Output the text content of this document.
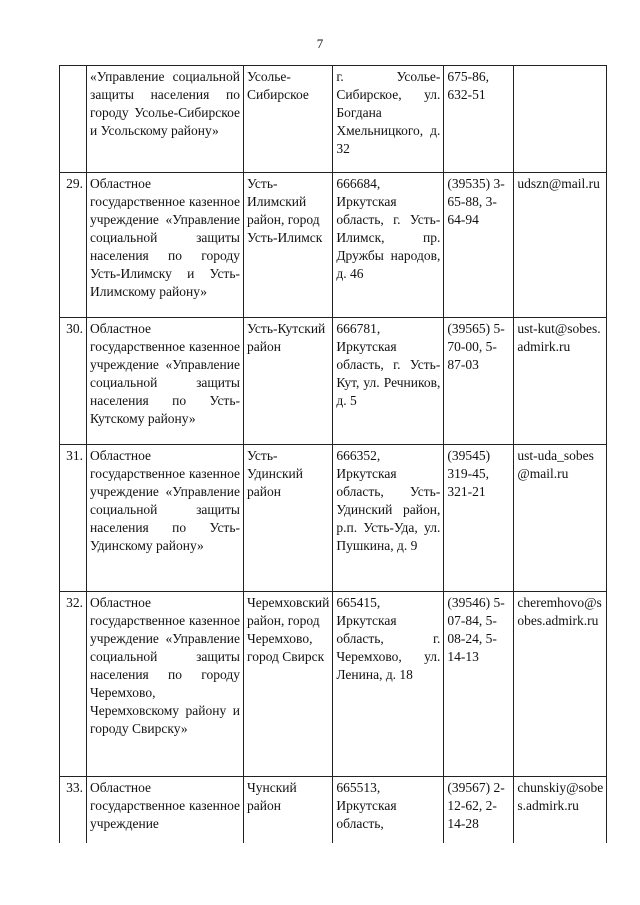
7
	«Управление социальной защиты населения по городу Усолье-Сибирское и Усольскому району»	Усолье-Сибирское	г. Усолье-Сибирское, ул. Богдана Хмельницкого, д. 32	675-86, 632-51	
29.	Областное государственное казенное учреждение «Управление социальной защиты населения по городу Усть-Илимску и Усть-Илимскому району»	Усть-Илимский район, город Усть-Илимск	666684, Иркутская область, г. Усть-Илимск, пр. Дружбы народов, д. 46	(39535) 3-65-88, 3-64-94	udszn@mail.ru
30.	Областное государственное казенное учреждение «Управление социальной защиты населения по Усть-Кутскому району»	Усть-Кутский район	666781, Иркутская область, г. Усть-Кут, ул. Речников, д. 5	(39565) 5-70-00, 5-87-03	ust-kut@sobes.admirk.ru
31.	Областное государственное казенное учреждение «Управление социальной защиты населения по Усть-Удинскому району»	Усть-Удинский район	666352, Иркутская область, Усть-Удинский район, р.п. Усть-Уда, ул. Пушкина, д. 9	(39545) 319-45, 321-21	ust-uda_sobes@mail.ru
32.	Областное государственное казенное учреждение «Управление социальной защиты населения по городу Черемхово, Черемховскому району и городу Свирску»	Черемховский район, город Черемхово, город Свирск	665415, Иркутская область, г. Черемхово, ул. Ленина, д. 18	(39546) 5-07-84, 5-08-24, 5-14-13	cheremhovo@sobes.admirk.ru
33.	Областное государственное казенное учреждение	Чунский район	665513, Иркутская область,	(39567) 2-12-62, 2-14-28	chunskiy@sobes.admirk.ru
